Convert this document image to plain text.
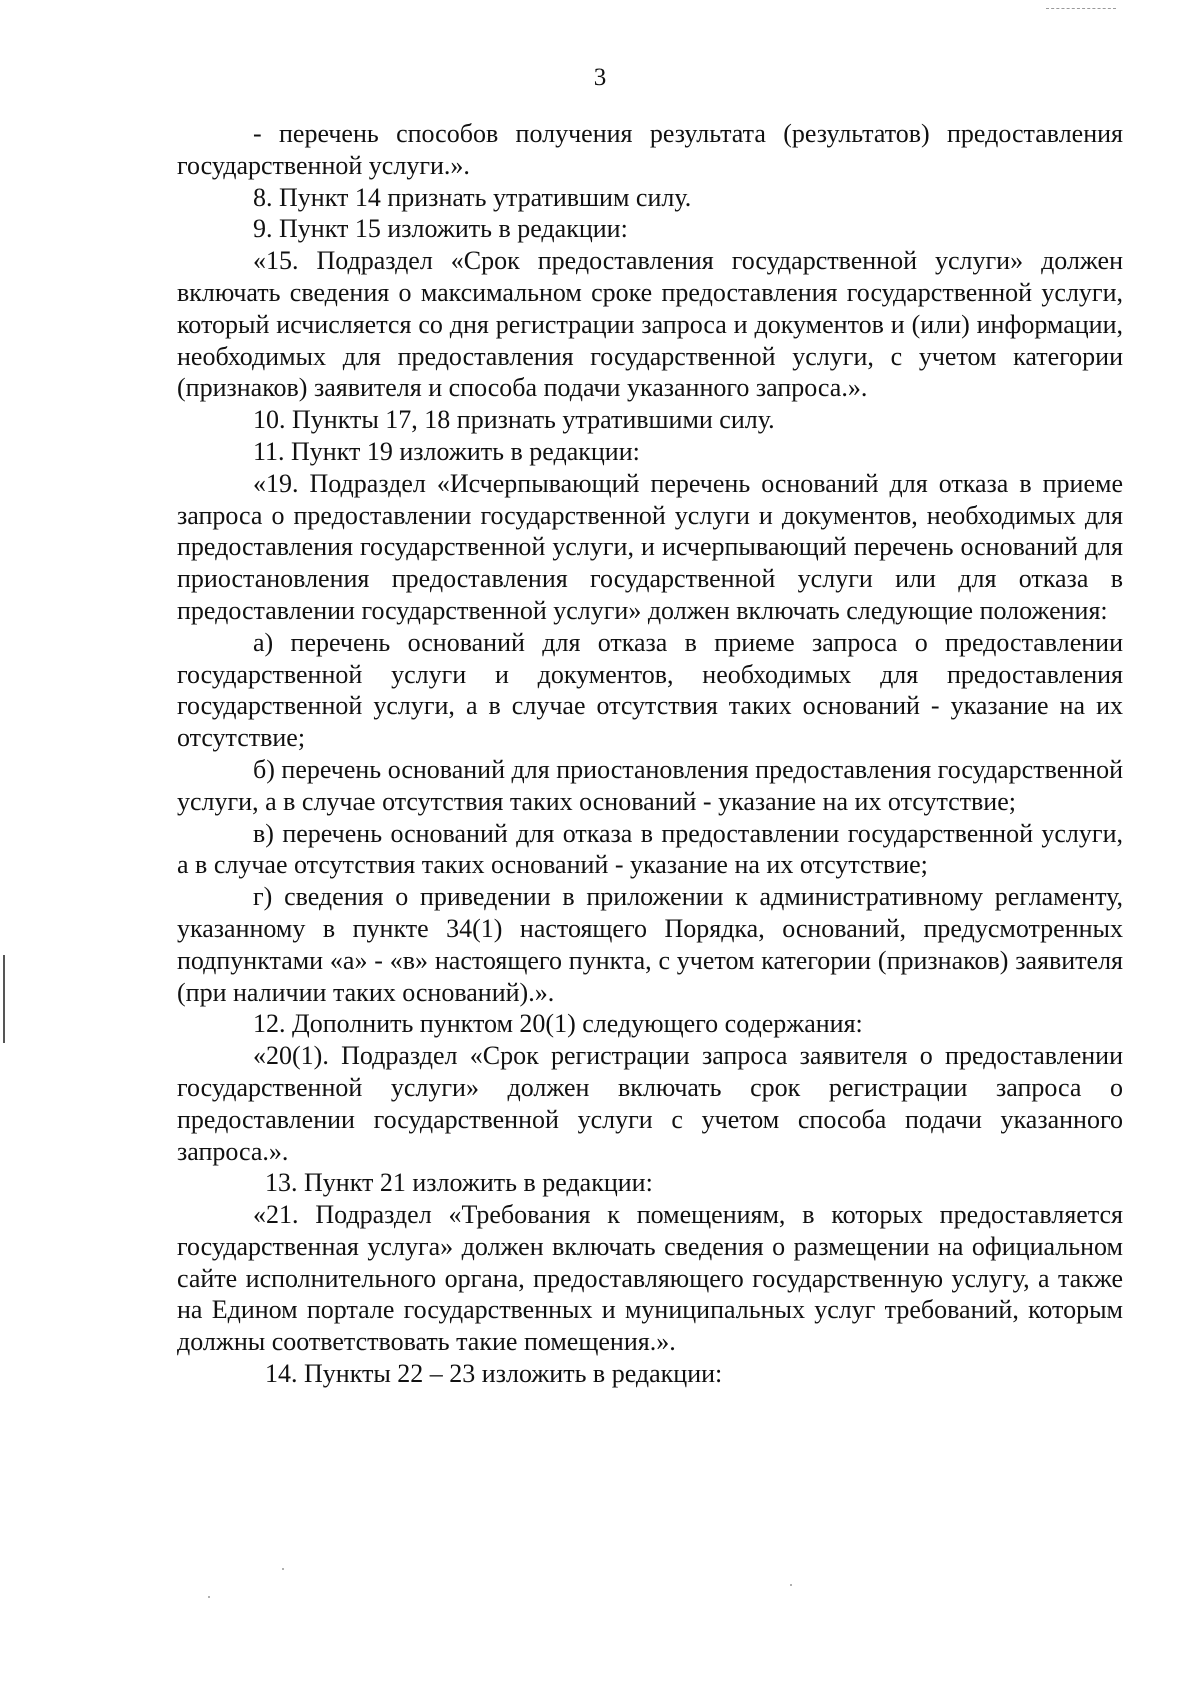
3

- перечень способов получения результата (результатов) предоставления государственной услуги.».

8. Пункт 14 признать утратившим силу.

9. Пункт 15 изложить в редакции:

«15. Подраздел «Срок предоставления государственной услуги» должен включать сведения о максимальном сроке предоставления государственной услуги, который исчисляется со дня регистрации запроса и документов и (или) информации, необходимых для предоставления государственной услуги, с учетом категории (признаков) заявителя и способа подачи указанного запроса.».

10. Пункты 17, 18 признать утратившими силу.

11. Пункт 19 изложить в редакции:

«19. Подраздел «Исчерпывающий перечень оснований для отказа в приеме запроса о предоставлении государственной услуги и документов, необходимых для предоставления государственной услуги, и исчерпывающий перечень оснований для приостановления предоставления государственной услуги или для отказа в предоставлении государственной услуги» должен включать следующие положения:

а) перечень оснований для отказа в приеме запроса о предоставлении государственной услуги и документов, необходимых для предоставления государственной услуги, а в случае отсутствия таких оснований - указание на их отсутствие;

б) перечень оснований для приостановления предоставления государственной услуги, а в случае отсутствия таких оснований - указание на их отсутствие;

в) перечень оснований для отказа в предоставлении государственной услуги, а в случае отсутствия таких оснований - указание на их отсутствие;

г) сведения о приведении в приложении к административному регламенту, указанному в пункте 34(1) настоящего Порядка, оснований, предусмотренных подпунктами «а» - «в» настоящего пункта, с учетом категории (признаков) заявителя (при наличии таких оснований).».

12. Дополнить пунктом 20(1) следующего содержания:

«20(1). Подраздел «Срок регистрации запроса заявителя о предоставлении государственной услуги» должен включать срок регистрации запроса о предоставлении государственной услуги с учетом способа подачи указанного запроса.».

13. Пункт 21 изложить в редакции:

«21. Подраздел «Требования к помещениям, в которых предоставляется государственная услуга» должен включать сведения о размещении на официальном сайте исполнительного органа, предоставляющего государственную услугу, а также на Едином портале государственных и муниципальных услуг требований, которым должны соответствовать такие помещения.».

14. Пункты 22 – 23 изложить в редакции:
